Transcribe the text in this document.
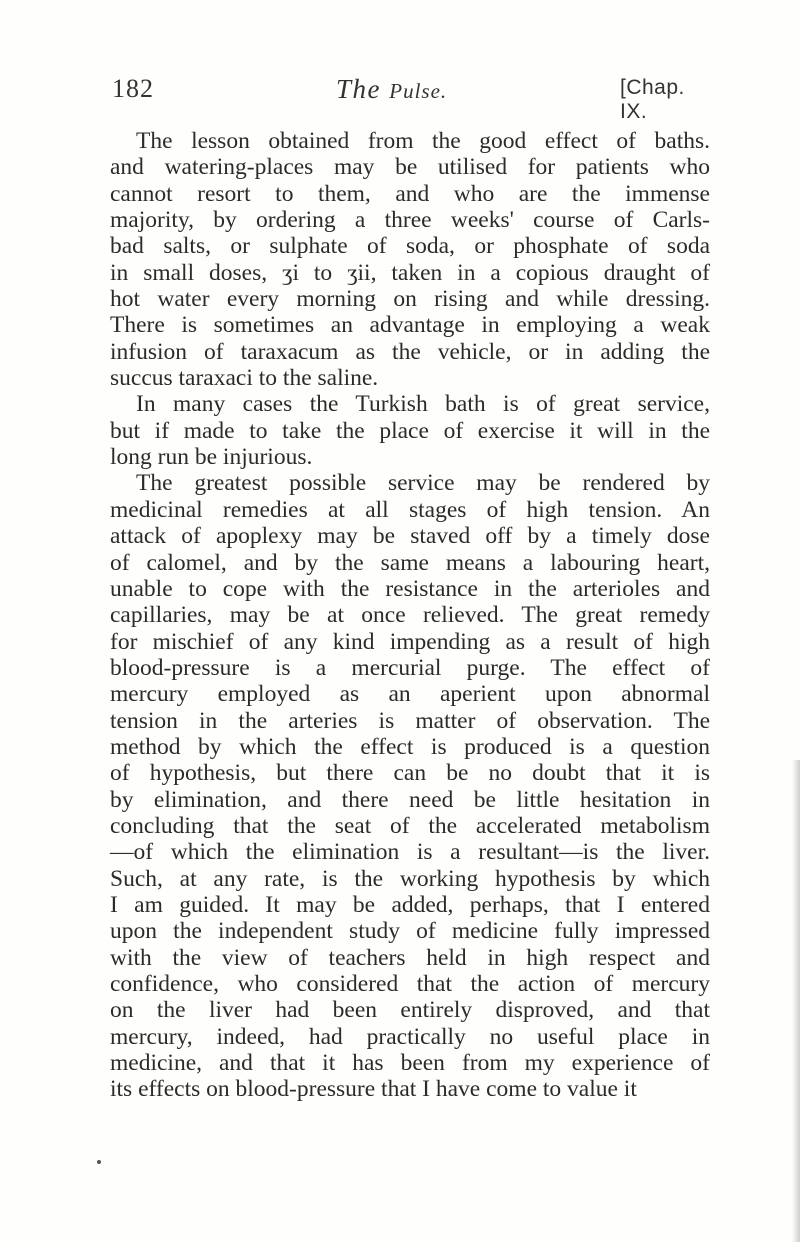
182	The Pulse.	[Chap. IX.
The lesson obtained from the good effect of baths.
and watering-places may be utilised for patients who
cannot resort to them, and who are the immense
majority, by ordering a three weeks' course of Carls-
bad salts, or sulphate of soda, or phosphate of soda
in small doses, ʒi to ʒii, taken in a copious draught of
hot water every morning on rising and while dressing.
There is sometimes an advantage in employing a weak
infusion of taraxacum as the vehicle, or in adding the
succus taraxaci to the saline.
In many cases the Turkish bath is of great service,
but if made to take the place of exercise it will in the
long run be injurious.
The greatest possible service may be rendered by
medicinal remedies at all stages of high tension. An
attack of apoplexy may be staved off by a timely dose
of calomel, and by the same means a labouring heart,
unable to cope with the resistance in the arterioles and
capillaries, may be at once relieved. The great remedy
for mischief of any kind impending as a result of high
blood-pressure is a mercurial purge. The effect of
mercury employed as an aperient upon abnormal
tension in the arteries is matter of observation. The
method by which the effect is produced is a question
of hypothesis, but there can be no doubt that it is
by elimination, and there need be little hesitation in
concluding that the seat of the accelerated metabolism
—of which the elimination is a resultant—is the liver.
Such, at any rate, is the working hypothesis by which
I am guided. It may be added, perhaps, that I entered
upon the independent study of medicine fully impressed
with the view of teachers held in high respect and
confidence, who considered that the action of mercury
on the liver had been entirely disproved, and that
mercury, indeed, had practically no useful place in
medicine, and that it has been from my experience of
its effects on blood-pressure that I have come to value it
